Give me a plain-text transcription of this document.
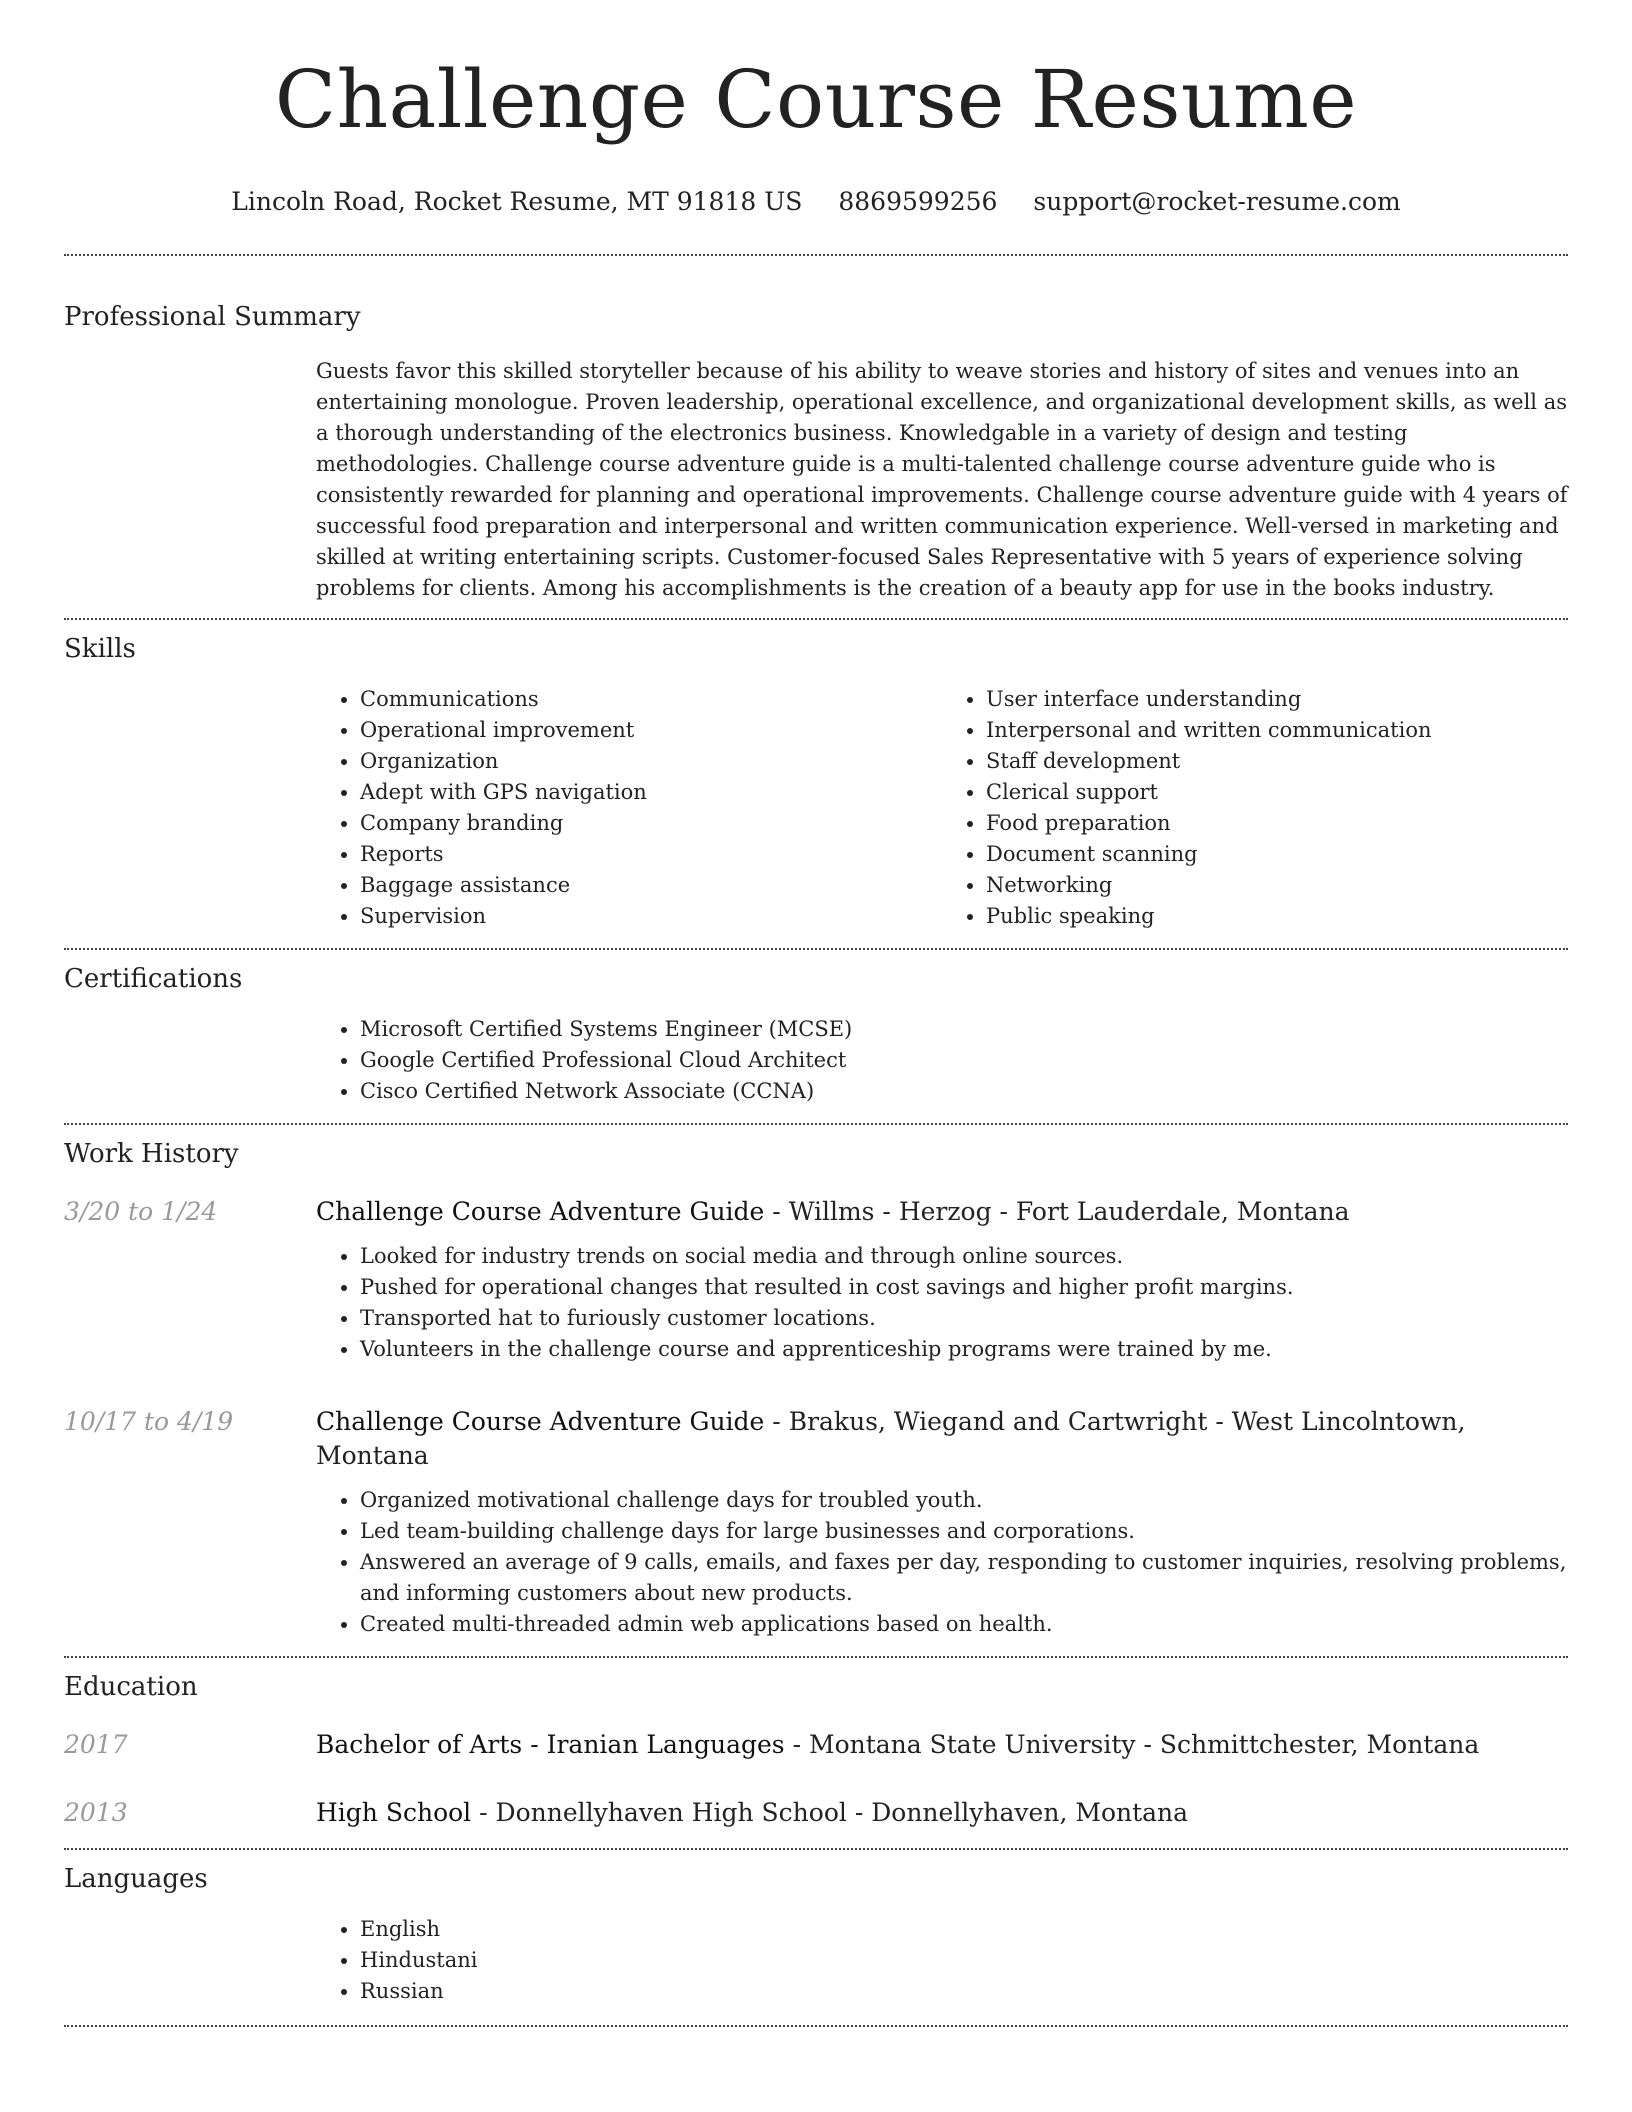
Challenge Course Resume
Lincoln Road, Rocket Resume, MT 91818 US 8869599256 support@rocket-resume.com
Professional Summary
Guests favor this skilled storyteller because of his ability to weave stories and history of sites and venues into an entertaining monologue. Proven leadership, operational excellence, and organizational development skills, as well as a thorough understanding of the electronics business. Knowledgable in a variety of design and testing methodologies. Challenge course adventure guide is a multi-talented challenge course adventure guide who is consistently rewarded for planning and operational improvements. Challenge course adventure guide with 4 years of successful food preparation and interpersonal and written communication experience. Well-versed in marketing and skilled at writing entertaining scripts. Customer-focused Sales Representative with 5 years of experience solving problems for clients. Among his accomplishments is the creation of a beauty app for use in the books industry.
Skills
• Communications
• Operational improvement
• Organization
• Adept with GPS navigation
• Company branding
• Reports
• Baggage assistance
• Supervision
• User interface understanding
• Interpersonal and written communication
• Staff development
• Clerical support
• Food preparation
• Document scanning
• Networking
• Public speaking
Certifications
• Microsoft Certified Systems Engineer (MCSE)
• Google Certified Professional Cloud Architect
• Cisco Certified Network Associate (CCNA)
Work History
3/20 to 1/24	Challenge Course Adventure Guide - Willms - Herzog - Fort Lauderdale, Montana
• Looked for industry trends on social media and through online sources.
• Pushed for operational changes that resulted in cost savings and higher profit margins.
• Transported hat to furiously customer locations.
• Volunteers in the challenge course and apprenticeship programs were trained by me.
10/17 to 4/19	Challenge Course Adventure Guide - Brakus, Wiegand and Cartwright - West Lincolntown, Montana
• Organized motivational challenge days for troubled youth.
• Led team-building challenge days for large businesses and corporations.
• Answered an average of 9 calls, emails, and faxes per day, responding to customer inquiries, resolving problems, and informing customers about new products.
• Created multi-threaded admin web applications based on health.
Education
2017	Bachelor of Arts - Iranian Languages - Montana State University - Schmittchester, Montana
2013	High School - Donnellyhaven High School - Donnellyhaven, Montana
Languages
• English
• Hindustani
• Russian
